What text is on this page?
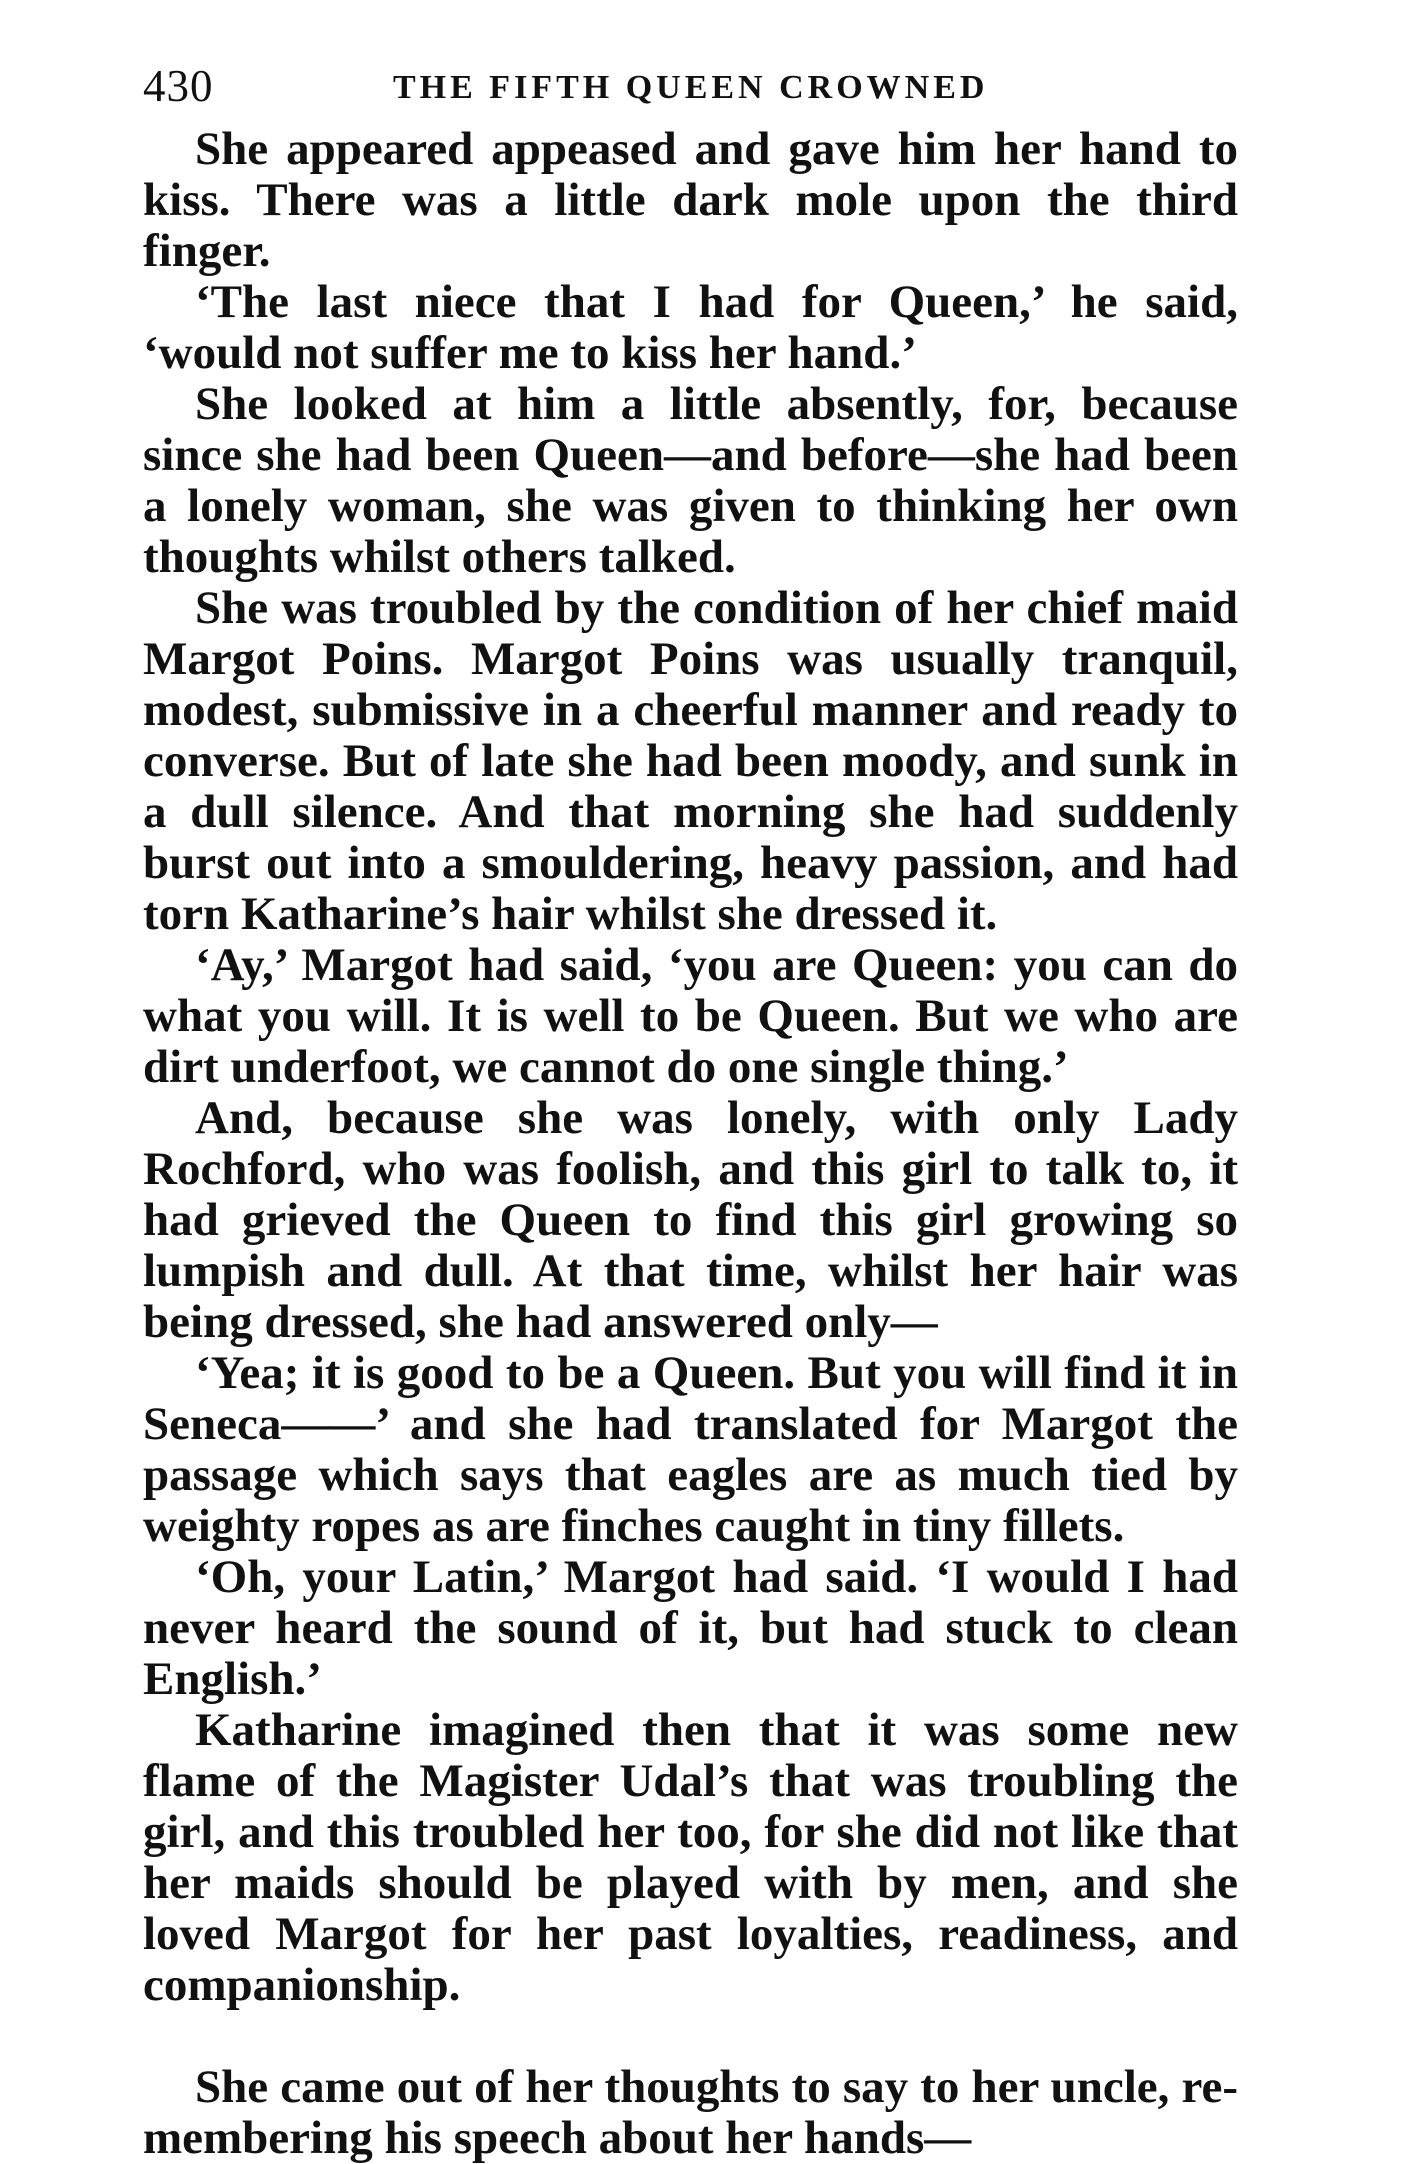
430	THE FIFTH QUEEN CROWNED

She appeared appeased and gave him her hand to kiss. There was a little dark mole upon the third finger.

‘The last niece that I had for Queen,’ he said, ‘would not suffer me to kiss her hand.’

She looked at him a little absently, for, because since she had been Queen—and before—she had been a lonely woman, she was given to thinking her own thoughts whilst others talked.

She was troubled by the condition of her chief maid Margot Poins. Margot Poins was usually tranquil, modest, submissive in a cheerful manner and ready to converse. But of late she had been moody, and sunk in a dull silence. And that morning she had suddenly burst out into a smouldering, heavy passion, and had torn Katharine’s hair whilst she dressed it.

‘Ay,’ Margot had said, ‘you are Queen: you can do what you will. It is well to be Queen. But we who are dirt underfoot, we cannot do one single thing.’

And, because she was lonely, with only Lady Rochford, who was foolish, and this girl to talk to, it had grieved the Queen to find this girl growing so lumpish and dull. At that time, whilst her hair was being dressed, she had answered only—

‘Yea; it is good to be a Queen. But you will find it in Seneca——’ and she had translated for Margot the passage which says that eagles are as much tied by weighty ropes as are finches caught in tiny fillets.

‘Oh, your Latin,’ Margot had said. ‘I would I had never heard the sound of it, but had stuck to clean English.’

Katharine imagined then that it was some new flame of the Magister Udal’s that was troubling the girl, and this troubled her too, for she did not like that her maids should be played with by men, and she loved Margot for her past loyalties, readiness, and companionship.

She came out of her thoughts to say to her uncle, remembering his speech about her hands—
